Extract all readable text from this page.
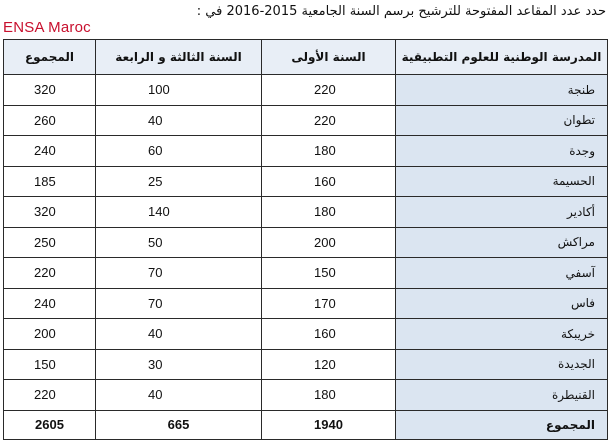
ENSA Maroc
حدد عدد المقاعد المفتوحة للترشيح برسم السنة الجامعية 2015-2016 في :
المدرسة الوطنية للعلوم التطبيقية	السنة الأولى	السنة الثالثة و الرابعة	المجموع
طنجة	220	100	320
تطوان	220	40	260
وجدة	180	60	240
الحسيمة	160	25	185
أكادير	180	140	320
مراكش	200	50	250
آسفي	150	70	220
فاس	170	70	240
خريبكة	160	40	200
الجديدة	120	30	150
القنيطرة	180	40	220
المجموع	1940	665	2605
